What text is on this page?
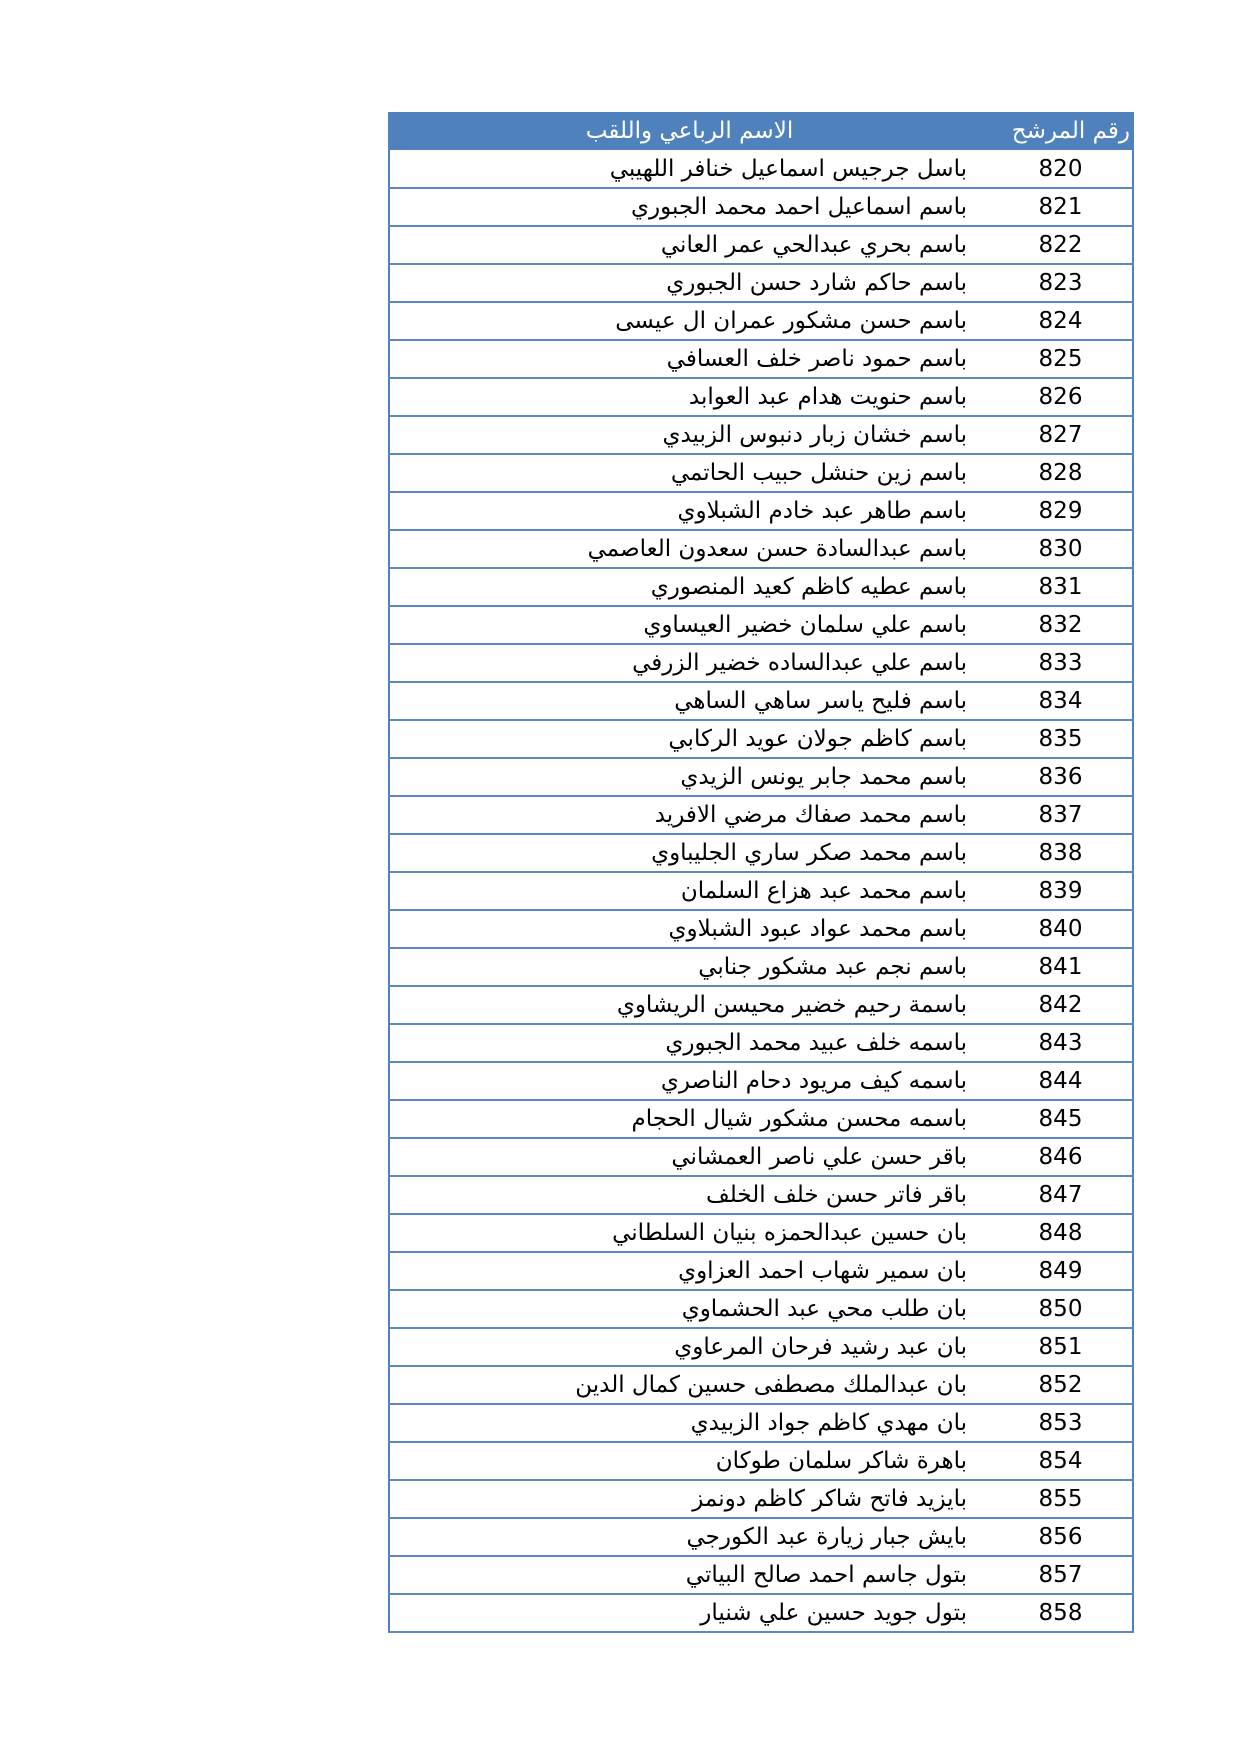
الاسم الرباعي واللقب	رقم المرشح
باسل جرجيس اسماعيل خنافر اللهيبي	820
باسم اسماعيل احمد محمد الجبوري	821
باسم بحري عبدالحي عمر العاني	822
باسم حاكم شارد حسن الجبوري	823
باسم حسن مشكور عمران ال عيسى	824
باسم حمود ناصر خلف العسافي	825
باسم حنويت هدام عبد العوابد	826
باسم خشان زبار دنبوس الزبيدي	827
باسم زين حنشل حبيب الحاتمي	828
باسم طاهر عبد خادم الشبلاوي	829
باسم عبدالسادة حسن سعدون العاصمي	830
باسم عطيه كاظم كعيد المنصوري	831
باسم علي سلمان خضير العيساوي	832
باسم علي عبدالساده خضير الزرفي	833
باسم فليح ياسر ساهي الساهي	834
باسم كاظم جولان عويد الركابي	835
باسم محمد جابر يونس الزيدي	836
باسم محمد صفاك مرضي الافريد	837
باسم محمد صكر ساري الجليباوي	838
باسم محمد عبد هزاع السلمان	839
باسم محمد عواد عبود الشبلاوي	840
باسم نجم عبد مشكور جنابي	841
باسمة رحيم خضير محيسن الريشاوي	842
باسمه خلف عبيد محمد الجبوري	843
باسمه كيف مريود دحام الناصري	844
باسمه محسن مشكور شيال الحجام	845
باقر حسن علي ناصر العمشاني	846
باقر فاتر حسن خلف الخلف	847
بان حسين عبدالحمزه بنيان السلطاني	848
بان سمير شهاب احمد العزاوي	849
بان طلب محي عبد الحشماوي	850
بان عبد رشيد فرحان المرعاوي	851
بان عبدالملك مصطفى حسين كمال الدين	852
بان مهدي كاظم جواد الزبيدي	853
باهرة شاكر سلمان طوكان	854
بايزيد فاتح شاكر كاظم دونمز	855
بايش جبار زيارة عبد الكورجي	856
بتول جاسم احمد صالح البياتي	857
بتول جويد حسين علي شنيار	858
